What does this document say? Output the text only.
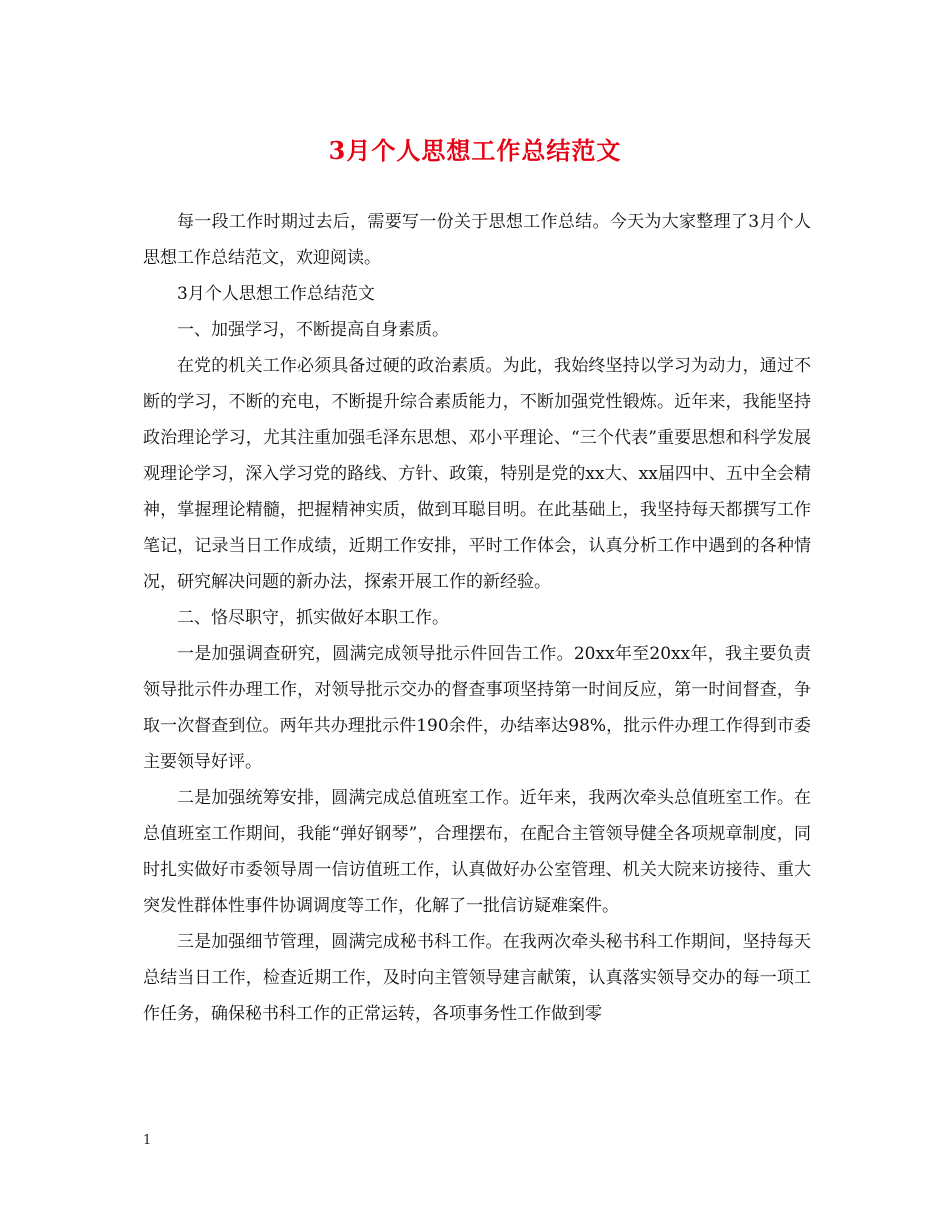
3月个人思想工作总结范文

每一段工作时期过去后，需要写一份关于思想工作总结。今天为大家整理了3月个人思想工作总结范文，欢迎阅读。

3月个人思想工作总结范文

一、加强学习，不断提高自身素质。

在党的机关工作必须具备过硬的政治素质。为此，我始终坚持以学习为动力，通过不断的学习，不断的充电，不断提升综合素质能力，不断加强党性锻炼。近年来，我能坚持政治理论学习，尤其注重加强毛泽东思想、邓小平理论、“三个代表”重要思想和科学发展观理论学习，深入学习党的路线、方针、政策，特别是党的xx大、xx届四中、五中全会精神，掌握理论精髓，把握精神实质，做到耳聪目明。在此基础上，我坚持每天都撰写工作笔记，记录当日工作成绩，近期工作安排，平时工作体会，认真分析工作中遇到的各种情况，研究解决问题的新办法，探索开展工作的新经验。

二、恪尽职守，抓实做好本职工作。

一是加强调查研究，圆满完成领导批示件回告工作。20xx年至20xx年，我主要负责领导批示件办理工作，对领导批示交办的督查事项坚持第一时间反应，第一时间督查，争取一次督查到位。两年共办理批示件190余件，办结率达98%，批示件办理工作得到市委主要领导好评。

二是加强统筹安排，圆满完成总值班室工作。近年来，我两次牵头总值班室工作。在总值班室工作期间，我能“弹好钢琴”，合理摆布，在配合主管领导健全各项规章制度，同时扎实做好市委领导周一信访值班工作，认真做好办公室管理、机关大院来访接待、重大突发性群体性事件协调调度等工作，化解了一批信访疑难案件。

三是加强细节管理，圆满完成秘书科工作。在我两次牵头秘书科工作期间，坚持每天总结当日工作，检查近期工作，及时向主管领导建言献策，认真落实领导交办的每一项工作任务，确保秘书科工作的正常运转，各项事务性工作做到零

1
